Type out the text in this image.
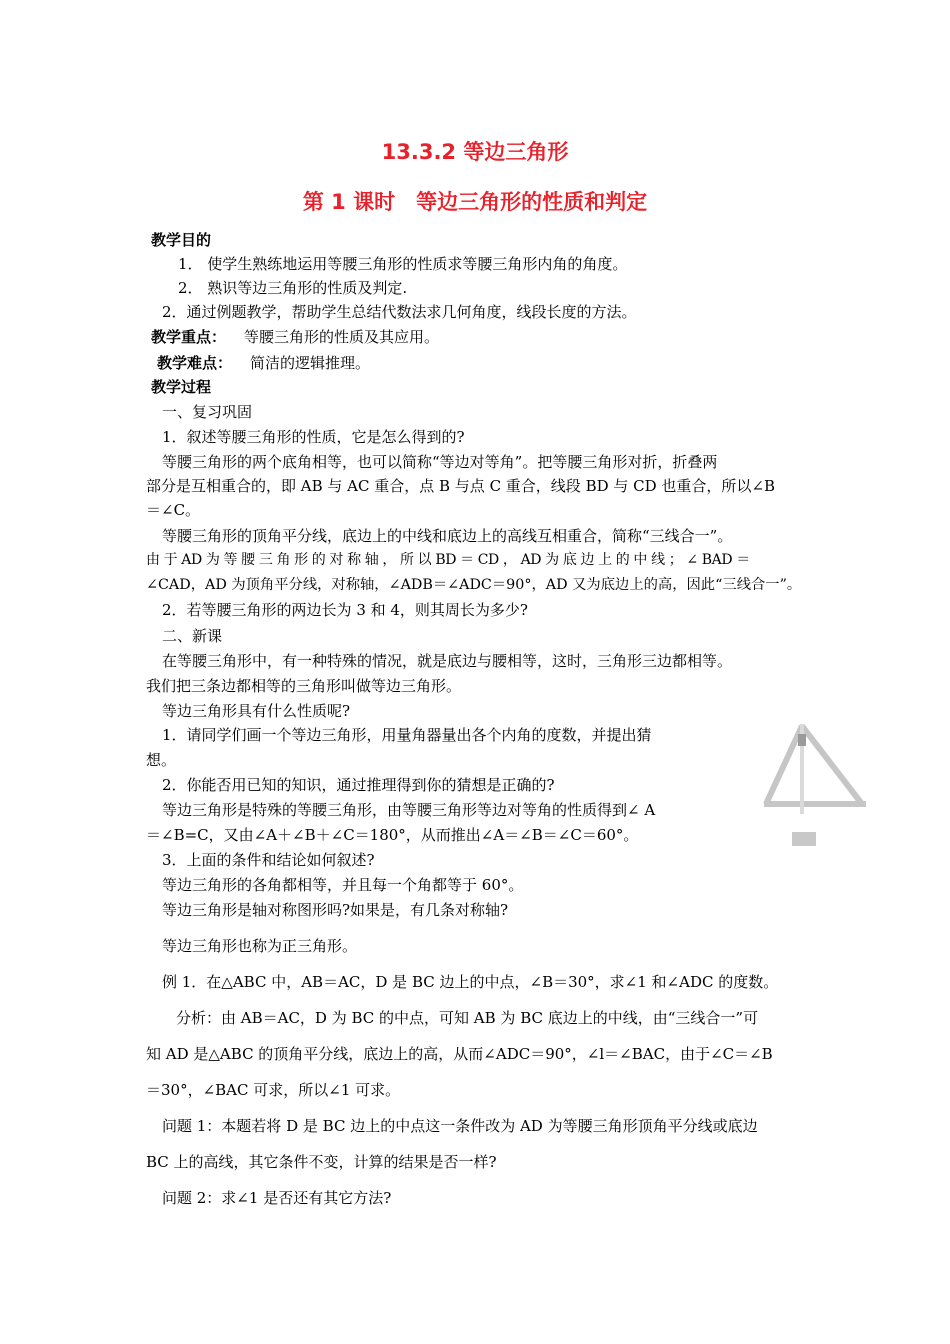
13.3.2 等边三角形
第 1 课时　等边三角形的性质和判定
教学目的
1． 使学生熟练地运用等腰三角形的性质求等腰三角形内角的角度。
2． 熟识等边三角形的性质及判定.
2．通过例题教学，帮助学生总结代数法求几何角度，线段长度的方法。
教学重点： 等腰三角形的性质及其应用。
教学难点： 简洁的逻辑推理。
教学过程
一、复习巩固
1．叙述等腰三角形的性质，它是怎么得到的?
等腰三角形的两个底角相等，也可以简称“等边对等角”。把等腰三角形对折，折叠两
部分是互相重合的，即 AB 与 AC 重合，点 B 与点 C 重合，线段 BD 与 CD 也重合，所以∠B
＝∠C。
等腰三角形的顶角平分线，底边上的中线和底边上的高线互相重合，简称“三线合一”。
由 于 AD 为 等 腰 三 角 形 的 对 称 轴 ， 所 以 BD ＝ CD ， AD 为 底 边 上 的 中 线 ； ∠ BAD ＝
∠CAD，AD 为顶角平分线，对称轴，∠ADB＝∠ADC＝90°，AD 又为底边上的高，因此“三线合一”。
2．若等腰三角形的两边长为 3 和 4，则其周长为多少?
二、新课
在等腰三角形中，有一种特殊的情况，就是底边与腰相等，这时，三角形三边都相等。
我们把三条边都相等的三角形叫做等边三角形。
等边三角形具有什么性质呢?
1．请同学们画一个等边三角形，用量角器量出各个内角的度数，并提出猜
想。
2．你能否用已知的知识，通过推理得到你的猜想是正确的?
等边三角形是特殊的等腰三角形，由等腰三角形等边对等角的性质得到∠ A
＝∠B=C，又由∠A＋∠B＋∠C＝180°，从而推出∠A＝∠B＝∠C＝60°。
3．上面的条件和结论如何叙述?
等边三角形的各角都相等，并且每一个角都等于 60°。
等边三角形是轴对称图形吗?如果是，有几条对称轴?
等边三角形也称为正三角形。
例 1．在△ABC 中，AB＝AC，D 是 BC 边上的中点，∠B＝30°，求∠1 和∠ADC 的度数。
分析：由 AB＝AC，D 为 BC 的中点，可知 AB 为 BC 底边上的中线，由“三线合一”可
知 AD 是△ABC 的顶角平分线，底边上的高，从而∠ADC＝90°，∠l＝∠BAC，由于∠C＝∠B
＝30°，∠BAC 可求，所以∠1 可求。
问题 1：本题若将 D 是 BC 边上的中点这一条件改为 AD 为等腰三角形顶角平分线或底边
BC 上的高线，其它条件不变，计算的结果是否一样?
问题 2：求∠1 是否还有其它方法?
